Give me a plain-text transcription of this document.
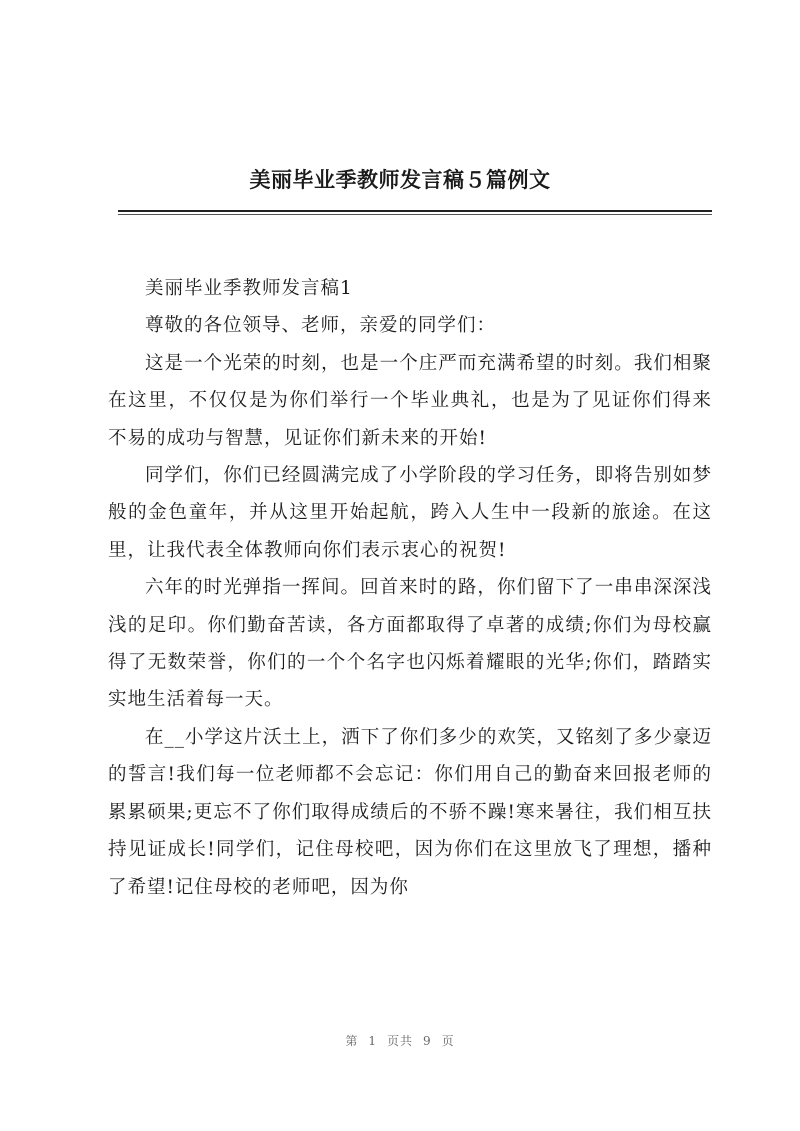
美丽毕业季教师发言稿５篇例文

美丽毕业季教师发言稿1

尊敬的各位领导、老师，亲爱的同学们：

这是一个光荣的时刻，也是一个庄严而充满希望的时刻。我们相聚在这里，不仅仅是为你们举行一个毕业典礼，也是为了见证你们得来不易的成功与智慧，见证你们新未来的开始!

同学们，你们已经圆满完成了小学阶段的学习任务，即将告别如梦般的金色童年，并从这里开始起航，跨入人生中一段新的旅途。在这里，让我代表全体教师向你们表示衷心的祝贺!

六年的时光弹指一挥间。回首来时的路，你们留下了一串串深深浅浅的足印。你们勤奋苦读，各方面都取得了卓著的成绩;你们为母校赢得了无数荣誉，你们的一个个名字也闪烁着耀眼的光华;你们，踏踏实实地生活着每一天。

在__小学这片沃土上，洒下了你们多少的欢笑，又铭刻了多少豪迈的誓言!我们每一位老师都不会忘记：你们用自己的勤奋来回报老师的累累硕果;更忘不了你们取得成绩后的不骄不躁!寒来暑往，我们相互扶持见证成长!同学们，记住母校吧，因为你们在这里放飞了理想，播种了希望!记住母校的老师吧，因为你

第 1 页共 9 页
